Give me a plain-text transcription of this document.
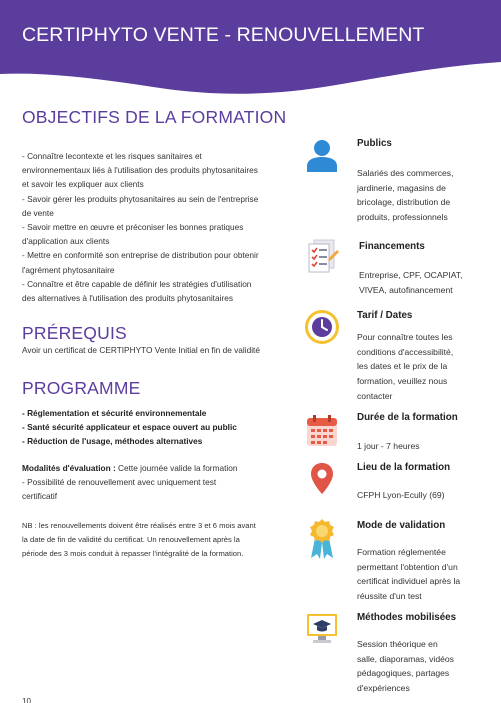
CERTIPHYTO VENTE - RENOUVELLEMENT
OBJECTIFS DE LA FORMATION
- Connaître lecontexte et les risques sanitaires et
environnementaux liés à l'utilisation des produits phytosanitaires
et savoir les expliquer aux clients
- Savoir gérer les produits phytosanitaires au sein de l'entreprise
de vente
- Savoir mettre en œuvre et préconiser les bonnes pratiques
d'application aux clients
- Mettre en conformité son entreprise de distribution pour obtenir
l'agrément phytosanitaire
- Connaître et être capable de définir les stratégies d'utilisation
des alternatives à l'utilisation des produits phytosanitaires
PRÉREQUIS
Avoir un certificat de CERTIPHYTO Vente Initial en fin de validité
PROGRAMME
- Réglementation et sécurité environnementale
- Santé sécurité applicateur et espace ouvert au public
- Réduction de l'usage, méthodes alternatives
Modalités d'évaluation : Cette journée valide la formation
- Possibilité de renouvellement avec uniquement test
certificatif
NB : les renouvellements doivent être réalisés entre 3 et 6 mois avant
la date de fin de validité du certificat. Un renouvellement après la
période des 3 mois conduit à repasser l'intégralité de la formation.
Publics
Salariés des commerces,
jardinerie, magasins de
bricolage, distribution de
produits, professionnels
Financements
Entreprise, CPF, OCAPIAT,
VIVEA, autofinancement
Tarif / Dates
Pour connaître toutes les
conditions d'accessibilité,
les dates et le prix de la
formation, veuillez nous
contacter
Durée de la formation
1 jour - 7 heures
Lieu de la formation
CFPH Lyon-Ecully (69)
Mode de validation
Formation réglementée
permettant l'obtention d'un
certificat individuel après la
réussite d'un test
Méthodes mobilisées
Session théorique en
salle, diaporamas, vidéos
pédagogiques, partages
d'expériences
10
